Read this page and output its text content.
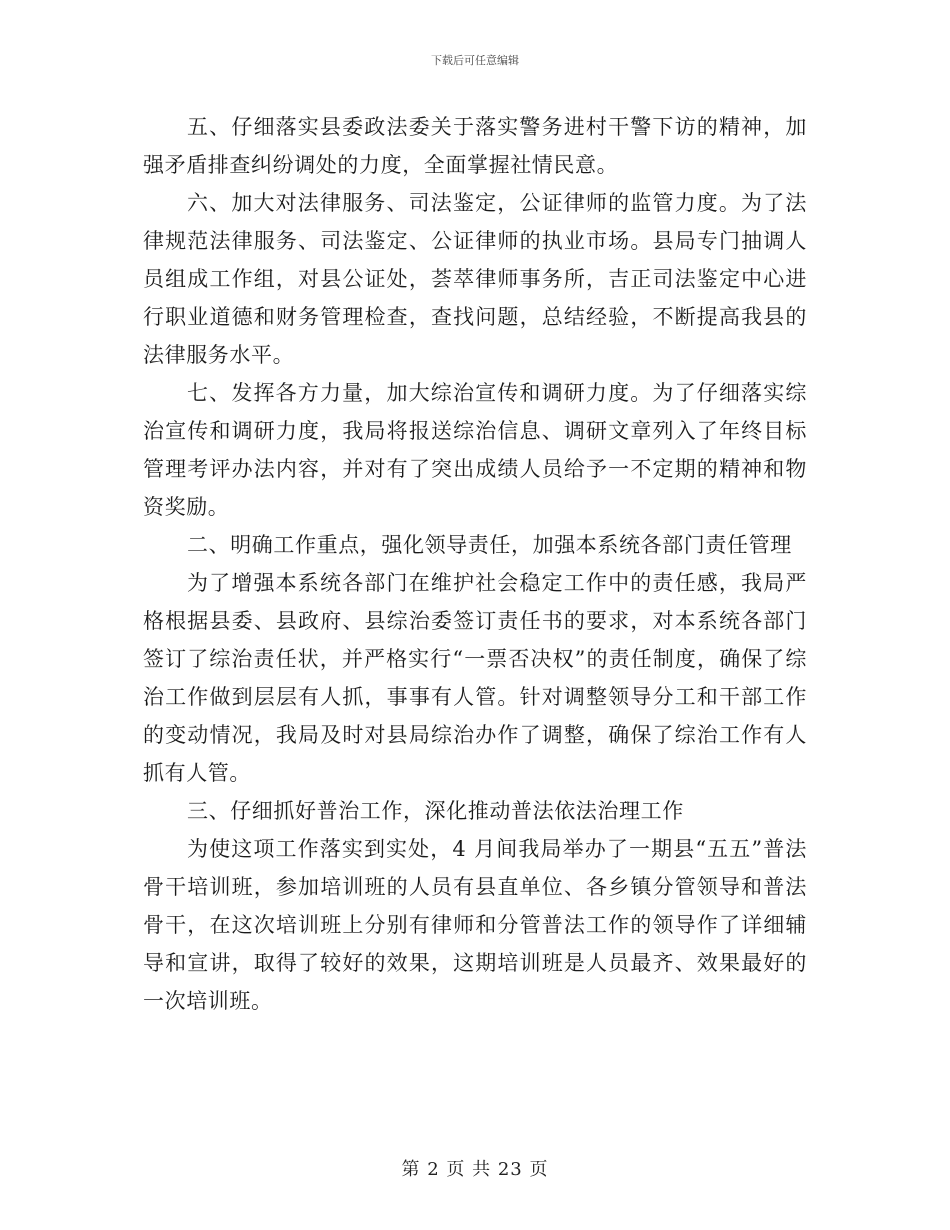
下载后可任意编辑

五、仔细落实县委政法委关于落实警务进村干警下访的精神，加强矛盾排查纠纷调处的力度，全面掌握社情民意。

六、加大对法律服务、司法鉴定，公证律师的监管力度。为了法律规范法律服务、司法鉴定、公证律师的执业市场。县局专门抽调人员组成工作组，对县公证处，荟萃律师事务所，吉正司法鉴定中心进行职业道德和财务管理检查，查找问题，总结经验，不断提高我县的法律服务水平。

七、发挥各方力量，加大综治宣传和调研力度。为了仔细落实综治宣传和调研力度，我局将报送综治信息、调研文章列入了年终目标管理考评办法内容，并对有了突出成绩人员给予一不定期的精神和物资奖励。

二、明确工作重点，强化领导责任，加强本系统各部门责任管理

为了增强本系统各部门在维护社会稳定工作中的责任感，我局严格根据县委、县政府、县综治委签订责任书的要求，对本系统各部门签订了综治责任状，并严格实行“一票否决权”的责任制度，确保了综治工作做到层层有人抓，事事有人管。针对调整领导分工和干部工作的变动情况，我局及时对县局综治办作了调整，确保了综治工作有人抓有人管。

三、仔细抓好普治工作，深化推动普法依法治理工作

为使这项工作落实到实处，4 月间我局举办了一期县“五五”普法骨干培训班，参加培训班的人员有县直单位、各乡镇分管领导和普法骨干，在这次培训班上分别有律师和分管普法工作的领导作了详细辅导和宣讲，取得了较好的效果，这期培训班是人员最齐、效果最好的一次培训班。

第 2 页 共 23 页
